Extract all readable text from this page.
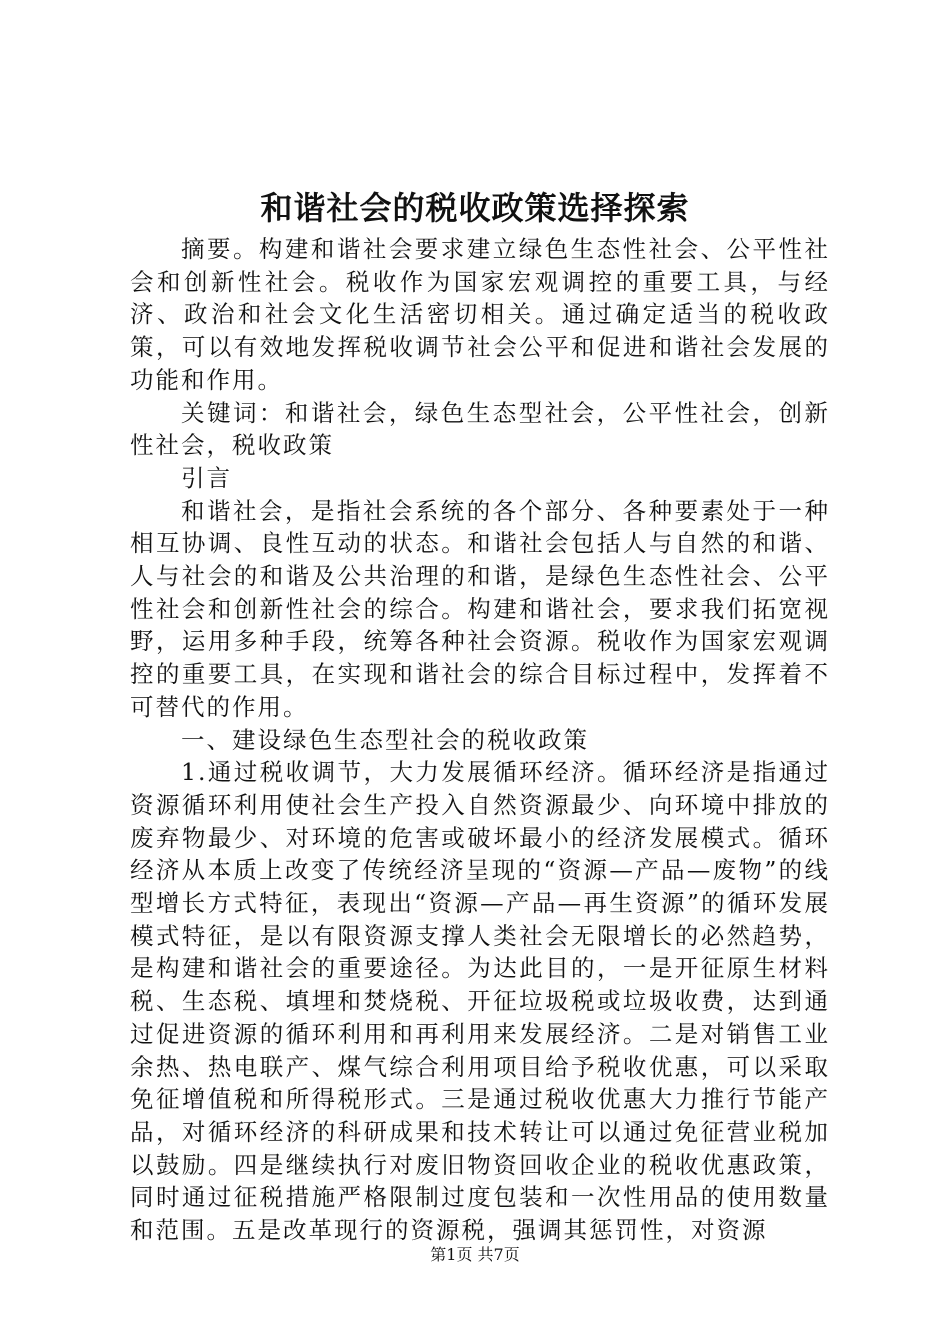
和谐社会的税收政策选择探索

摘要。构建和谐社会要求建立绿色生态性社会、公平性社会和创新性社会。税收作为国家宏观调控的重要工具，与经济、政治和社会文化生活密切相关。通过确定适当的税收政策，可以有效地发挥税收调节社会公平和促进和谐社会发展的功能和作用。

关键词：和谐社会，绿色生态型社会，公平性社会，创新性社会，税收政策

引言

和谐社会，是指社会系统的各个部分、各种要素处于一种相互协调、良性互动的状态。和谐社会包括人与自然的和谐、人与社会的和谐及公共治理的和谐，是绿色生态性社会、公平性社会和创新性社会的综合。构建和谐社会，要求我们拓宽视野，运用多种手段，统筹各种社会资源。税收作为国家宏观调控的重要工具，在实现和谐社会的综合目标过程中，发挥着不可替代的作用。

一、建设绿色生态型社会的税收政策

1.通过税收调节，大力发展循环经济。循环经济是指通过资源循环利用使社会生产投入自然资源最少、向环境中排放的废弃物最少、对环境的危害或破坏最小的经济发展模式。循环经济从本质上改变了传统经济呈现的“资源—产品—废物”的线型增长方式特征，表现出“资源—产品—再生资源”的循环发展模式特征，是以有限资源支撑人类社会无限增长的必然趋势，是构建和谐社会的重要途径。为达此目的，一是开征原生材料税、生态税、填埋和焚烧税、开征垃圾税或垃圾收费，达到通过促进资源的循环利用和再利用来发展经济。二是对销售工业余热、热电联产、煤气综合利用项目给予税收优惠，可以采取免征增值税和所得税形式。三是通过税收优惠大力推行节能产品，对循环经济的科研成果和技术转让可以通过免征营业税加以鼓励。四是继续执行对废旧物资回收企业的税收优惠政策，同时通过征税措施严格限制过度包装和一次性用品的使用数量和范围。五是改革现行的资源税，强调其惩罚性，对资源

第1页 共7页
